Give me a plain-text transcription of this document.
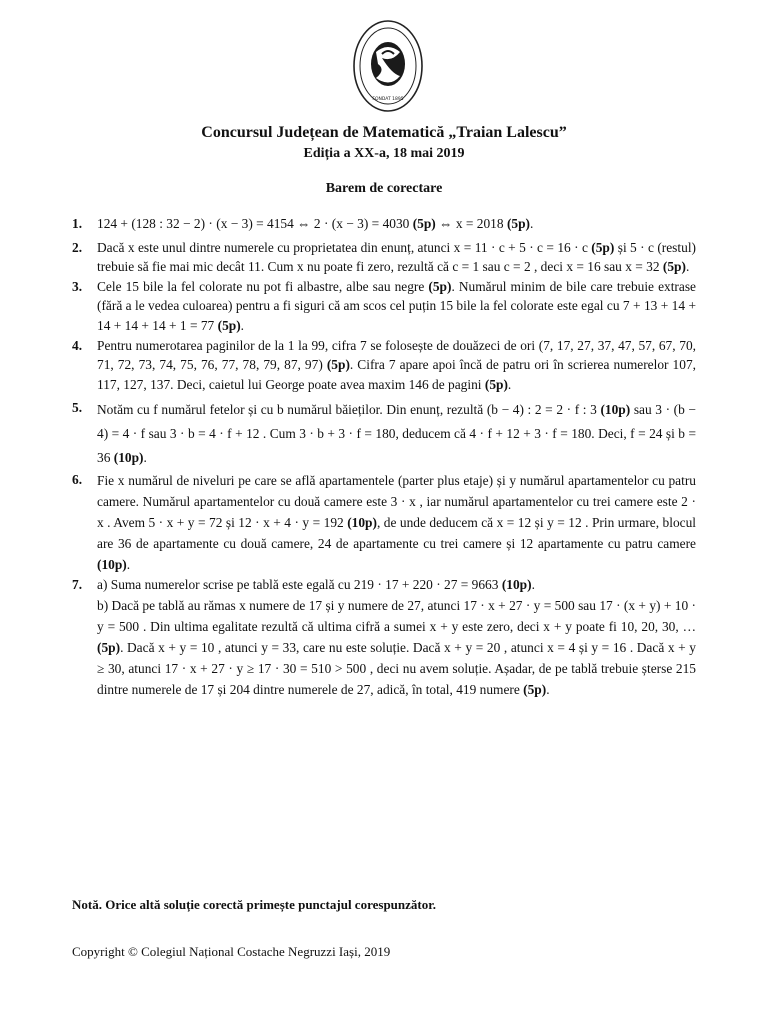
FONDAT 1895
Concursul Județean de Matematică „Traian Lalescu”
Ediția a XX-a, 18 mai 2019
Barem de corectare
1. 124 + (128 : 32 − 2) · (x − 3) = 4154 ⇔ 2 · (x − 3) = 4030 (5p) ⇔ x = 2018 (5p).

2. Dacă x este unul dintre numerele cu proprietatea din enunț, atunci x = 11 · c + 5 · c = 16 · c (5p) și 5 · c (restul) trebuie să fie mai mic decât 11. Cum x nu poate fi zero, rezultă că c = 1 sau c = 2 , deci x = 16 sau x = 32 (5p).

3. Cele 15 bile la fel colorate nu pot fi albastre, albe sau negre (5p). Numărul minim de bile care trebuie extrase (fără a le vedea culoarea) pentru a fi siguri că am scos cel puțin 15 bile la fel colorate este egal cu 7 + 13 + 14 + 14 + 14 + 14 + 1 = 77 (5p).

4. Pentru numerotarea paginilor de la 1 la 99, cifra 7 se folosește de douăzeci de ori (7, 17, 27, 37, 47, 57, 67, 70, 71, 72, 73, 74, 75, 76, 77, 78, 79, 87, 97) (5p). Cifra 7 apare apoi încă de patru ori în scrierea numerelor 107, 117, 127, 137. Deci, caietul lui George poate avea maxim 146 de pagini (5p).

5. Notăm cu f numărul fetelor și cu b numărul băieților. Din enunț, rezultă (b − 4) : 2 = 2 · f : 3 (10p) sau 3 · (b − 4) = 4 · f sau 3 · b = 4 · f + 12 . Cum 3 · b + 3 · f = 180, deducem că 4 · f + 12 + 3 · f = 180. Deci, f = 24 și b = 36 (10p).

6. Fie x numărul de niveluri pe care se află apartamentele (parter plus etaje) și y numărul apartamentelor cu patru camere. Numărul apartamentelor cu două camere este 3 · x , iar numărul apartamentelor cu trei camere este 2 · x . Avem 5 · x + y = 72 și 12 · x + 4 · y = 192 (10p), de unde deducem că x = 12 și y = 12 . Prin urmare, blocul are 36 de apartamente cu două camere, 24 de apartamente cu trei camere și 12 apartamente cu patru camere (10p).

7. a) Suma numerelor scrise pe tablă este egală cu 219 · 17 + 220 · 27 = 9663 (10p).

b) Dacă pe tablă au rămas x numere de 17 și y numere de 27, atunci 17 · x + 27 · y = 500 sau 17 · (x + y) + 10 · y = 500 . Din ultima egalitate rezultă că ultima cifră a sumei x + y este zero, deci x + y poate fi 10, 20, 30, … (5p). Dacă x + y = 10 , atunci y = 33, care nu este soluție. Dacă x + y = 20 , atunci x = 4 și y = 16 . Dacă x + y ≥ 30, atunci 17 · x + 27 · y ≥ 17 · 30 = 510 > 500 , deci nu avem soluție. Așadar, de pe tablă trebuie șterse 215 dintre numerele de 17 și 204 dintre numerele de 27, adică, în total, 419 numere (5p).

Notă. Orice altă soluție corectă primește punctajul corespunzător.
Copyright © Colegiul Național Costache Negruzzi Iași, 2019
